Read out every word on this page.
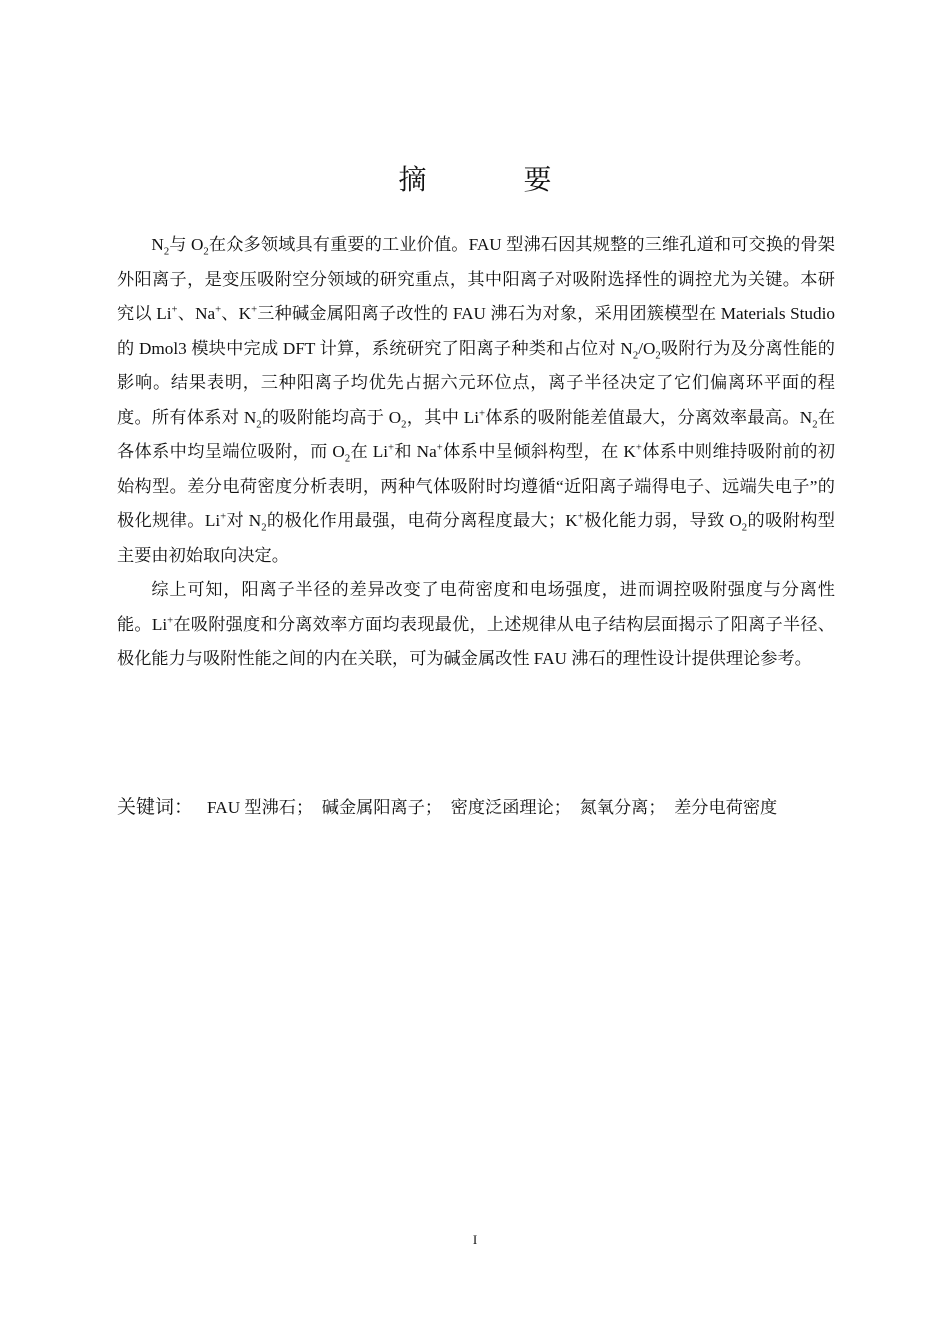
摘 要

$N_2$与 $O_2$在众多领域具有重要的工业价值。FAU 型沸石因其规整的三维孔道和可交换的骨架外阳离子，是变压吸附空分领域的研究重点，其中阳离子对吸附选择性的调控尤为关键。本研究以 Li+、Na+、K+三种碱金属阳离子改性的 FAU 沸石为对象，采用团簇模型在 Materials Studio 的 Dmol3 模块中完成 DFT 计算，系统研究了阳离子种类和占位对 $N_2/O_2$吸附行为及分离性能的影响。结果表明，三种阳离子均优先占据六元环位点，离子半径决定了它们偏离环平面的程度。所有体系对 $N_2$的吸附能均高于 $O_2$，其中 Li+体系的吸附能差值最大，分离效率最高。$N_2$在各体系中均呈端位吸附，而 $O_2$在 Li+和 Na+体系中呈倾斜构型，在 K+体系中则维持吸附前的初始构型。差分电荷密度分析表明，两种气体吸附时均遵循“近阳离子端得电子、远端失电子”的极化规律。Li+对 $N_2$的极化作用最强，电荷分离程度最大；K+极化能力弱，导致 $O_2$的吸附构型主要由初始取向决定。

综上可知，阳离子半径的差异改变了电荷密度和电场强度，进而调控吸附强度与分离性能。Li+在吸附强度和分离效率方面均表现最优，上述规律从电子结构层面揭示了阳离子半径、极化能力与吸附性能之间的内在关联，可为碱金属改性 FAU 沸石的理性设计提供理论参考。

关键词： FAU 型沸石；  碱金属阳离子；  密度泛函理论；  氮氧分离；  差分电荷密度
I
